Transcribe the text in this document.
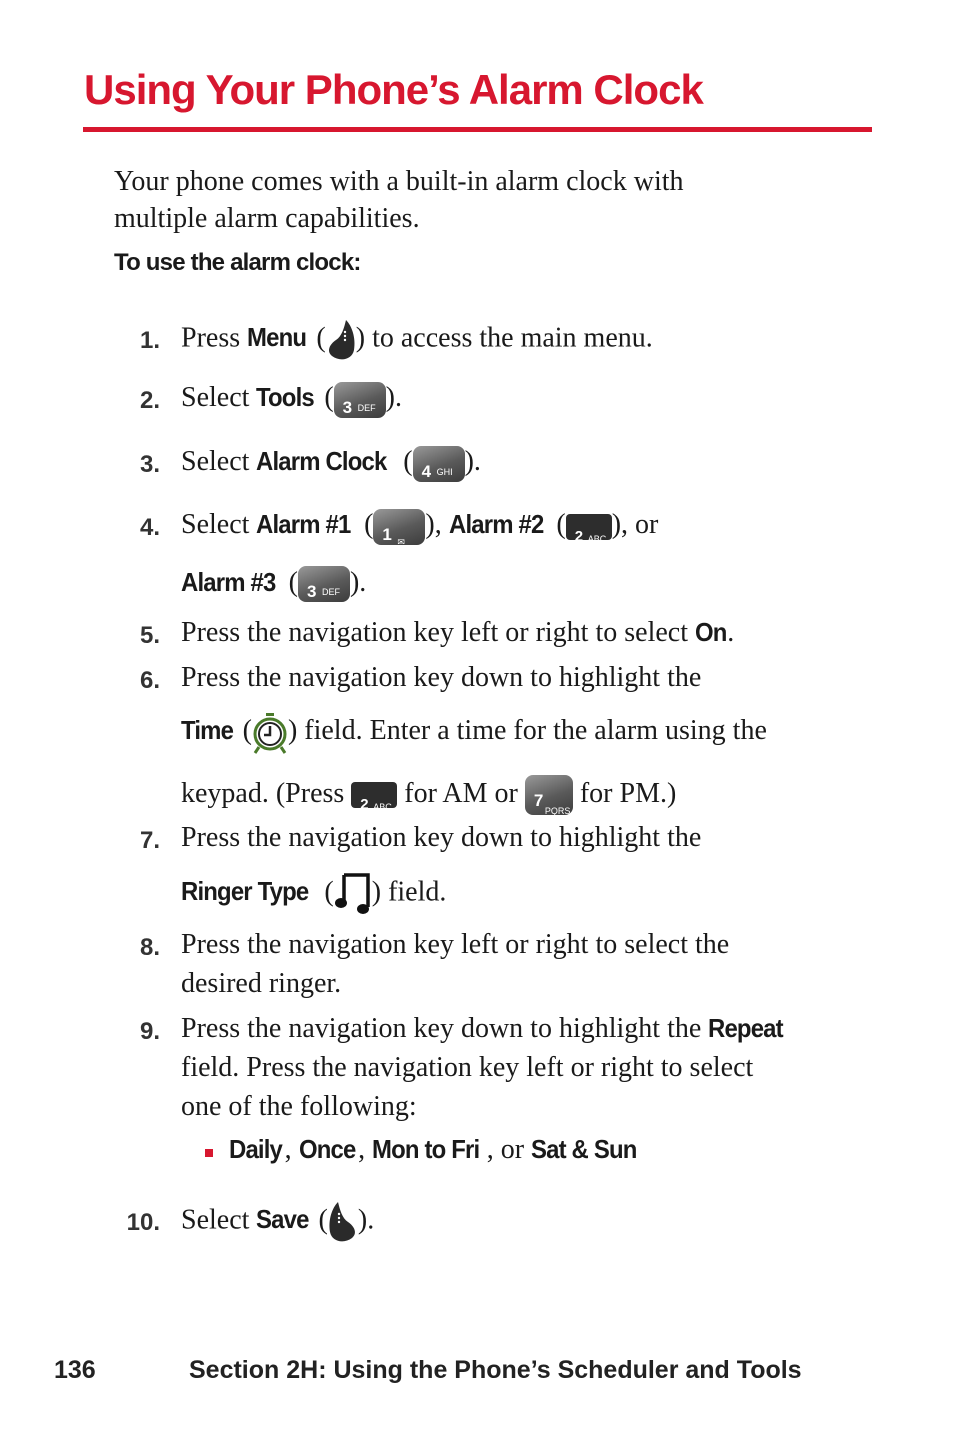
Using Your Phone’s Alarm Clock

Your phone comes with a built-in alarm clock with
multiple alarm capabilities.

To use the alarm clock:

1. Press Menu ( ) to access the main menu.
2. Select Tools ( 3 DEF ).
3. Select Alarm Clock ( 4 GHI ).
4. Select Alarm #1 ( 1 ✉
), Alarm #2 ( 2 ABC ), or
Alarm #3 ( 3 DEF ).
5. Press the navigation key left or right to select On.
6. Press the navigation key down to highlight the
Time ( ) field. Enter a time for the alarm using the
keypad. (Press 2 ABC for AM or 7
PQRS
for PM.)
7. Press the navigation key down to highlight the
Ringer Type ( ) field.
8. Press the navigation key left or right to select the
desired ringer.
9. Press the navigation key down to highlight the Repeat
field. Press the navigation key left or right to select
one of the following:
Daily, Once , Mon to Fri , or Sat & Sun
10. Select Save ( ).
136	Section 2H: Using the Phone’s Scheduler and Tools
